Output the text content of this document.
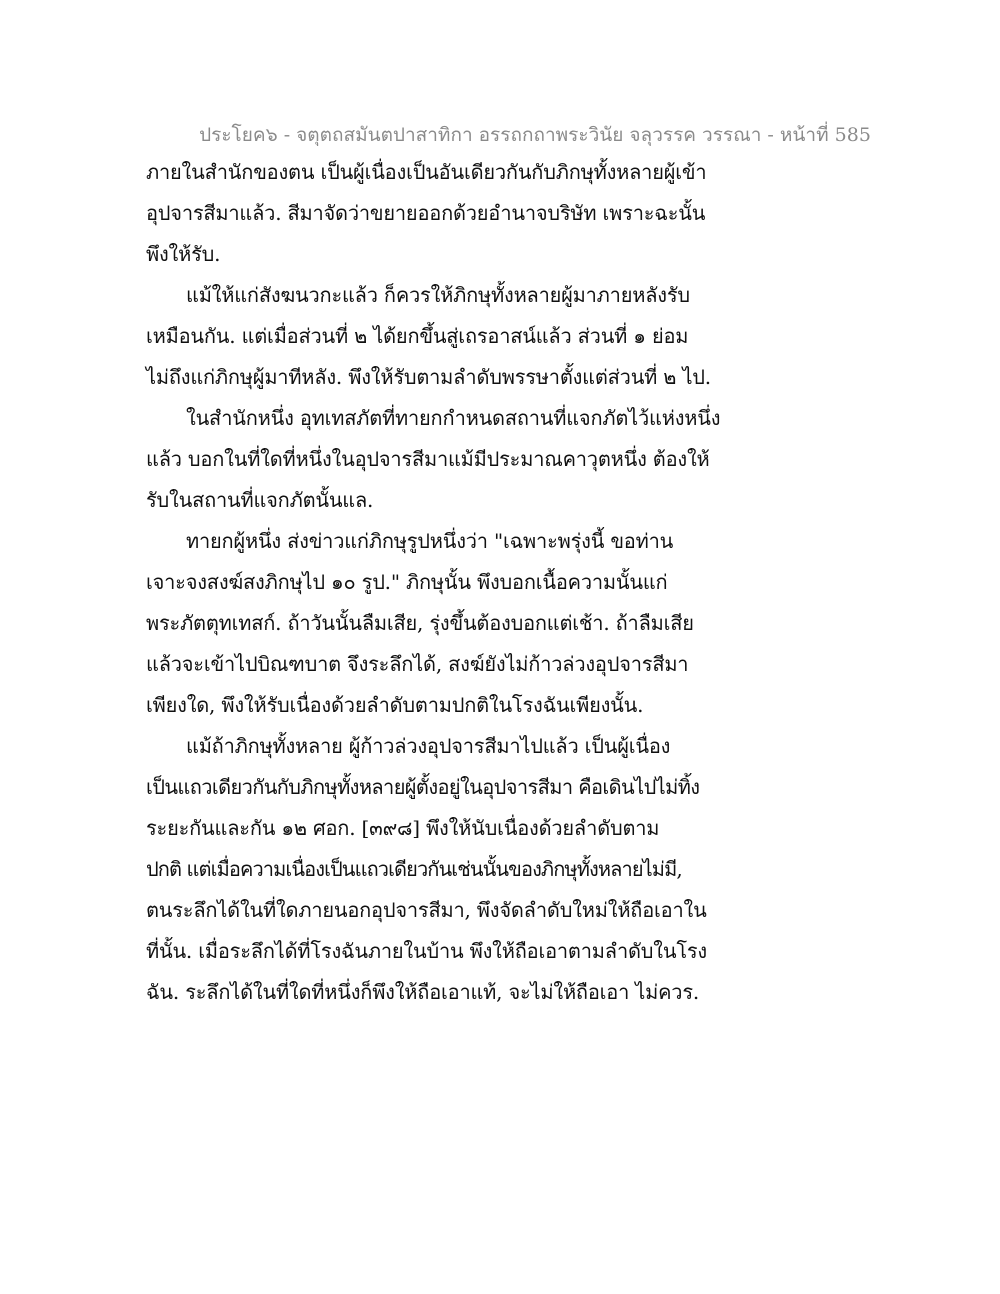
ประโยค๖ - จตุตถสมันตปาสาทิกา อรรถกถาพระวินัย จลุวรรค วรรณา - หน้าที่ 585
ภายในสำนักของตน เป็นผู้เนื่องเป็นอันเดียวกันกับภิกษุทั้งหลายผู้เข้า
อุปจารสีมาแล้ว. สีมาจัดว่าขยายออกด้วยอำนาจบริษัท เพราะฉะนั้น
พึงให้รับ.
แม้ให้แก่สังฆนวกะแล้ว ก็ควรให้ภิกษุทั้งหลายผู้มาภายหลังรับ
เหมือนกัน. แต่เมื่อส่วนที่ ๒ ได้ยกขึ้นสู่เถรอาสน์แล้ว ส่วนที่ ๑ ย่อม
ไม่ถึงแก่ภิกษุผู้มาทีหลัง. พึงให้รับตามลำดับพรรษาตั้งแต่ส่วนที่ ๒ ไป.
ในสำนักหนึ่ง อุทเทสภัตที่ทายกกำหนดสถานที่แจกภัตไว้แห่งหนึ่ง
แล้ว บอกในที่ใดที่หนึ่งในอุปจารสีมาแม้มีประมาณคาวุตหนึ่ง ต้องให้
รับในสถานที่แจกภัตนั้นแล.
ทายกผู้หนึ่ง ส่งข่าวแก่ภิกษุรูปหนึ่งว่า "เฉพาะพรุ่งนี้ ขอท่าน
เจาะจงสงฆ์สงภิกษุไป ๑๐ รูป." ภิกษุนั้น พึงบอกเนื้อความนั้นแก่
พระภัตตุทเทสก์. ถ้าวันนั้นลืมเสีย, รุ่งขึ้นต้องบอกแต่เช้า. ถ้าลืมเสีย
แล้วจะเข้าไปบิณฑบาต จึงระลึกได้, สงฆ์ยังไม่ก้าวล่วงอุปจารสีมา
เพียงใด, พึงให้รับเนื่องด้วยลำดับตามปกติในโรงฉันเพียงนั้น.
แม้ถ้าภิกษุทั้งหลาย ผู้ก้าวล่วงอุปจารสีมาไปแล้ว เป็นผู้เนื่อง
เป็นแถวเดียวกันกับภิกษุทั้งหลายผู้ตั้งอยู่ในอุปจารสีมา คือเดินไปไม่ทิ้ง
ระยะกันและกัน ๑๒ ศอก. [๓๙๘] พึงให้นับเนื่องด้วยลำดับตาม
ปกติ แต่เมื่อความเนื่องเป็นแถวเดียวกันเช่นนั้นของภิกษุทั้งหลายไม่มี,
ตนระลึกได้ในที่ใดภายนอกอุปจารสีมา, พึงจัดลำดับใหม่ให้ถือเอาใน
ที่นั้น. เมื่อระลึกได้ที่โรงฉันภายในบ้าน พึงให้ถือเอาตามลำดับในโรง
ฉัน. ระลึกได้ในที่ใดที่หนึ่งก็พึงให้ถือเอาแท้, จะไม่ให้ถือเอา ไม่ควร.
